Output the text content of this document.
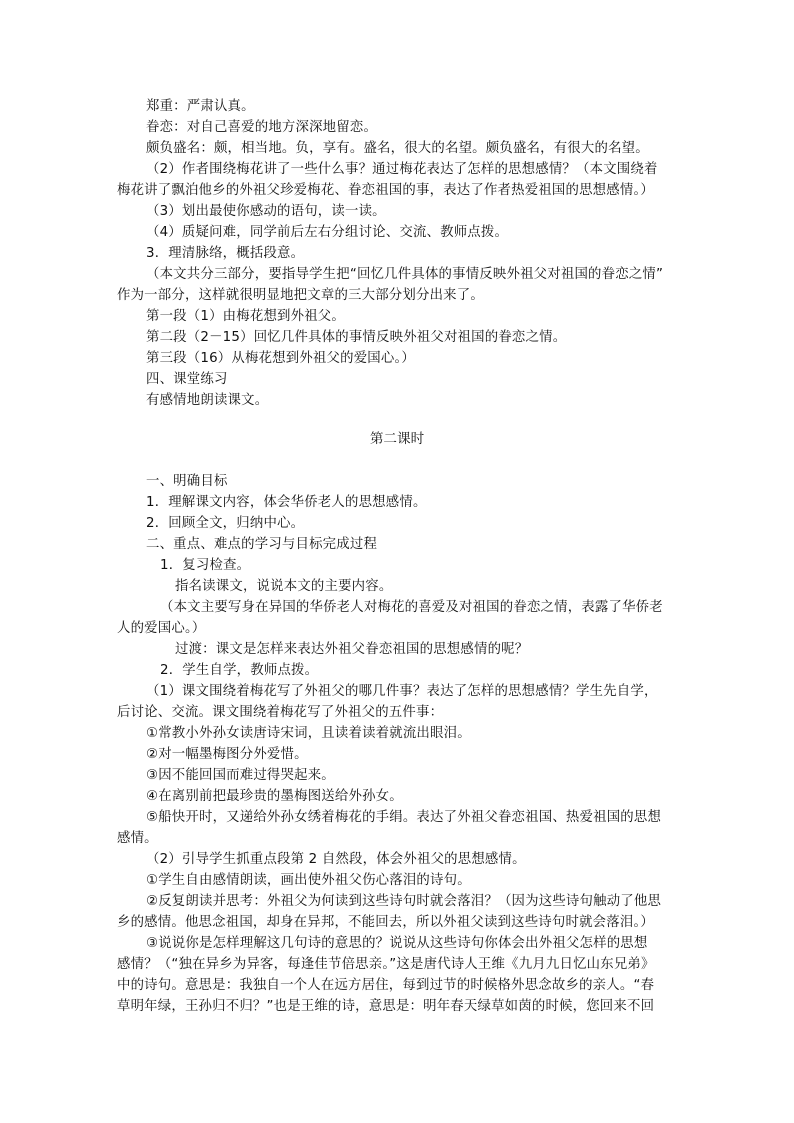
郑重：严肃认真。
眷恋：对自己喜爱的地方深深地留恋。
颇负盛名：颇，相当地。负，享有。盛名，很大的名望。颇负盛名，有很大的名望。
（2）作者围绕梅花讲了一些什么事？通过梅花表达了怎样的思想感情？（本文围绕着
梅花讲了飘泊他乡的外祖父珍爱梅花、眷恋祖国的事，表达了作者热爱祖国的思想感情。）
（3）划出最使你感动的语句，读一读。
（4）质疑问难，同学前后左右分组讨论、交流、教师点拨。
3．理清脉络，概括段意。
（本文共分三部分，要指导学生把“回忆几件具体的事情反映外祖父对祖国的眷恋之情”
作为一部分，这样就很明显地把文章的三大部分划分出来了。
第一段（1）由梅花想到外祖父。
第二段（2－15）回忆几件具体的事情反映外祖父对祖国的眷恋之情。
第三段（16）从梅花想到外祖父的爱国心。）
四、课堂练习
有感情地朗读课文。
第二课时
一、明确目标
1．理解课文内容，体会华侨老人的思想感情。
2．回顾全文，归纳中心。
二、重点、难点的学习与目标完成过程
1．复习检查。
指名读课文，说说本文的主要内容。
（本文主要写身在异国的华侨老人对梅花的喜爱及对祖国的眷恋之情，表露了华侨老
人的爱国心。）
过渡：课文是怎样来表达外祖父眷恋祖国的思想感情的呢？
2．学生自学，教师点拨。
（1）课文围绕着梅花写了外祖父的哪几件事？表达了怎样的思想感情？学生先自学，
后讨论、交流。课文围绕着梅花写了外祖父的五件事：
①常教小外孙女读唐诗宋词，且读着读着就流出眼泪。
②对一幅墨梅图分外爱惜。
③因不能回国而难过得哭起来。
④在离别前把最珍贵的墨梅图送给外孙女。
⑤船快开时，又递给外孙女绣着梅花的手绢。表达了外祖父眷恋祖国、热爱祖国的思想
感情。
（2）引导学生抓重点段第 2 自然段，体会外祖父的思想感情。
①学生自由感情朗读，画出使外祖父伤心落泪的诗句。
②反复朗读并思考：外祖父为何读到这些诗句时就会落泪？（因为这些诗句触动了他思
乡的感情。他思念祖国，却身在异邦，不能回去，所以外祖父读到这些诗句时就会落泪。）
③说说你是怎样理解这几句诗的意思的？说说从这些诗句你体会出外祖父怎样的思想
感情？（“独在异乡为异客，每逢佳节倍思亲。”这是唐代诗人王维《九月九日忆山东兄弟》
中的诗句。意思是：我独自一个人在远方居住，每到过节的时候格外思念故乡的亲人。“春
草明年绿，王孙归不归？”也是王维的诗，意思是：明年春天绿草如茵的时候，您回来不回
